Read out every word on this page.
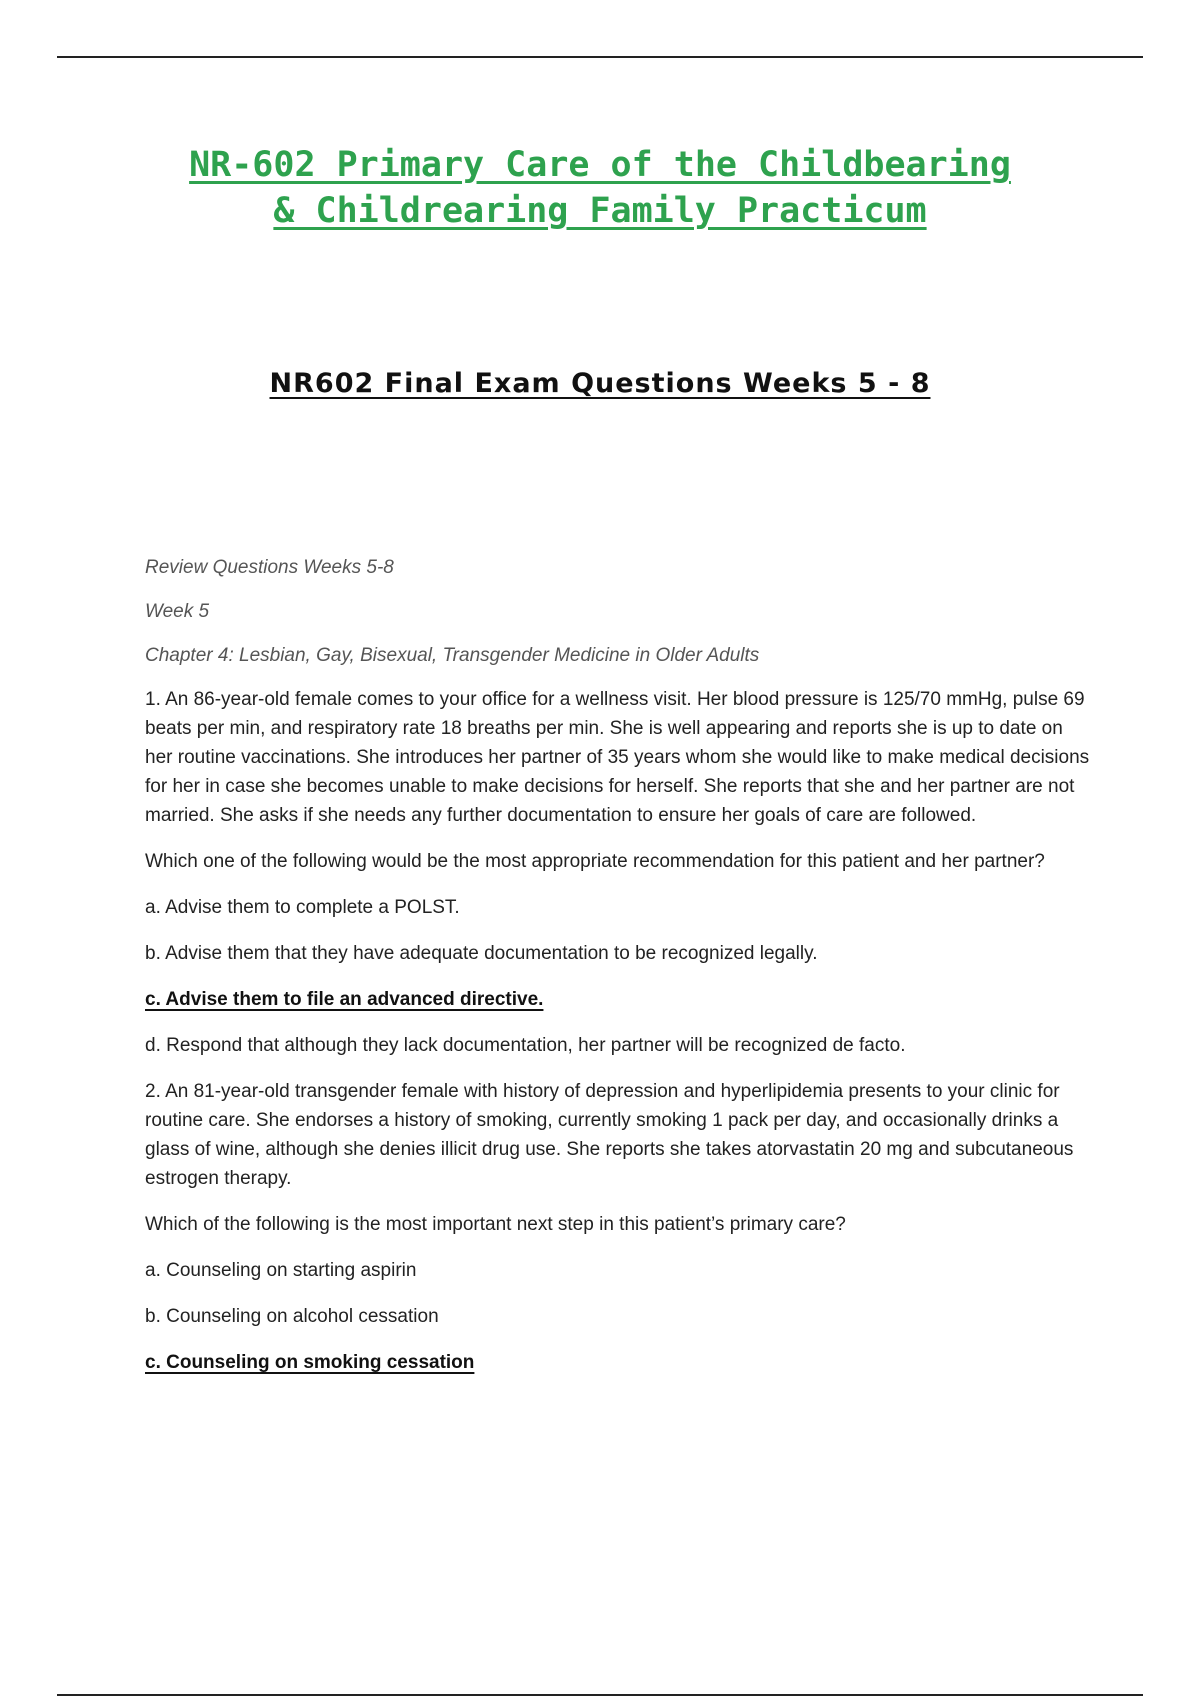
NR-602 Primary Care of the Childbearing
& Childrearing Family Practicum
NR602 Final Exam Questions Weeks 5 - 8

Review Questions Weeks 5-8

Week 5

Chapter 4: Lesbian, Gay, Bisexual, Transgender Medicine in Older Adults

1. An 86-year-old female comes to your office for a wellness visit. Her blood pressure is 125/70 mmHg, pulse 69 beats per min, and respiratory rate 18 breaths per min. She is well appearing and reports she is up to date on her routine vaccinations. She introduces her partner of 35 years whom she would like to make medical decisions for her in case she becomes unable to make decisions for herself. She reports that she and her partner are not married. She asks if she needs any further documentation to ensure her goals of care are followed.

Which one of the following would be the most appropriate recommendation for this patient and her partner?

a. Advise them to complete a POLST.

b. Advise them that they have adequate documentation to be recognized legally.

c. Advise them to file an advanced directive.

d. Respond that although they lack documentation, her partner will be recognized de facto.

2. An 81-year-old transgender female with history of depression and hyperlipidemia presents to your clinic for routine care. She endorses a history of smoking, currently smoking 1 pack per day, and occasionally drinks a glass of wine, although she denies illicit drug use. She reports she takes atorvastatin 20 mg and subcutaneous estrogen therapy.

Which of the following is the most important next step in this patient’s primary care?

a. Counseling on starting aspirin

b. Counseling on alcohol cessation

c. Counseling on smoking cessation
